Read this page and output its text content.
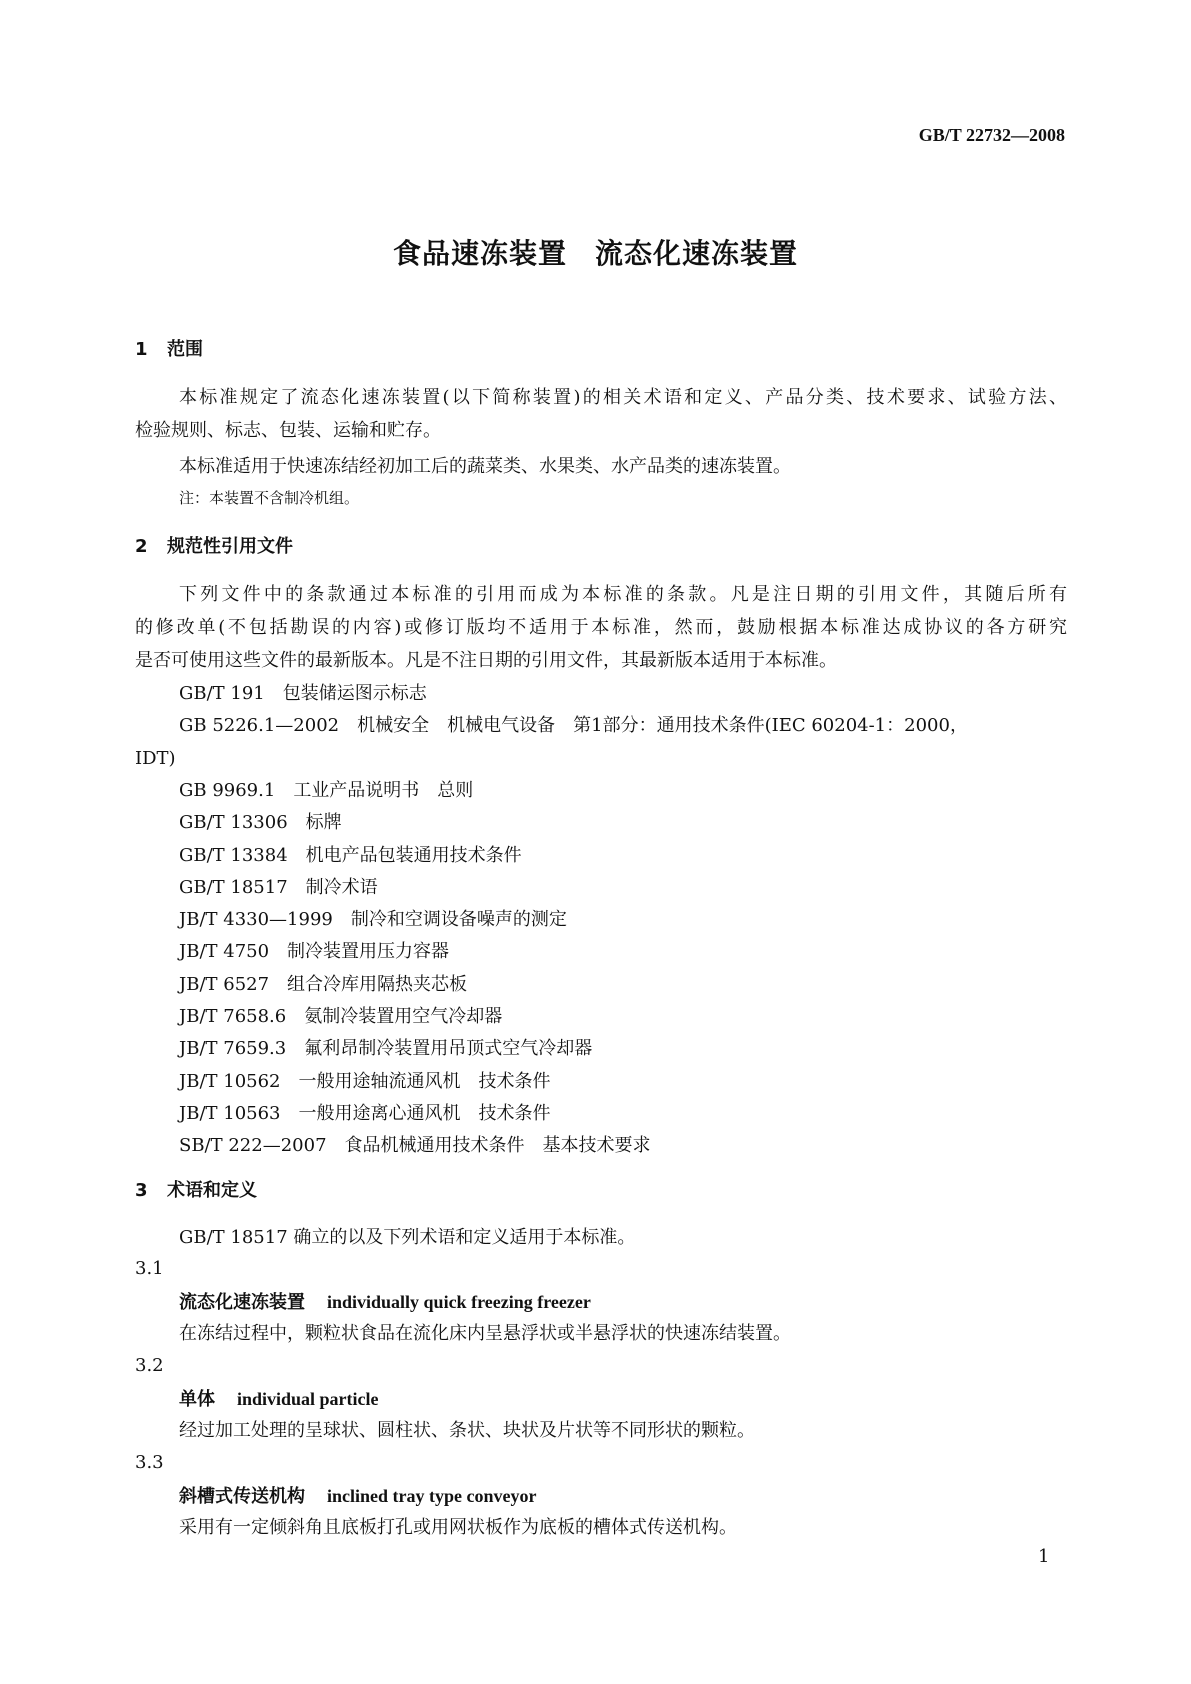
GB/T 22732—2008
食品速冻装置 流态化速冻装置
1 范围
本标准规定了流态化速冻装置(以下简称装置)的相关术语和定义、产品分类、技术要求、试验方法、
检验规则、标志、包装、运输和贮存。
本标准适用于快速冻结经初加工后的蔬菜类、水果类、水产品类的速冻装置。
注：本装置不含制冷机组。
2 规范性引用文件
下列文件中的条款通过本标准的引用而成为本标准的条款。凡是注日期的引用文件，其随后所有
的修改单(不包括勘误的内容)或修订版均不适用于本标准，然而，鼓励根据本标准达成协议的各方研究
是否可使用这些文件的最新版本。凡是不注日期的引用文件，其最新版本适用于本标准。
GB/T 191 包装储运图示标志
GB 5226.1—2002 机械安全　机械电气设备　第1部分：通用技术条件(IEC 60204-1：2000，
IDT)
GB 9969.1 工业产品说明书　总则
GB/T 13306 标牌
GB/T 13384 机电产品包装通用技术条件
GB/T 18517 制冷术语
JB/T 4330—1999 制冷和空调设备噪声的测定
JB/T 4750 制冷装置用压力容器
JB/T 6527 组合冷库用隔热夹芯板
JB/T 7658.6 氨制冷装置用空气冷却器
JB/T 7659.3 氟利昂制冷装置用吊顶式空气冷却器
JB/T 10562 一般用途轴流通风机　技术条件
JB/T 10563 一般用途离心通风机　技术条件
SB/T 222—2007 食品机械通用技术条件　基本技术要求
3 术语和定义
GB/T 18517 确立的以及下列术语和定义适用于本标准。
3.1
流态化速冻装置 individually quick freezing freezer
在冻结过程中，颗粒状食品在流化床内呈悬浮状或半悬浮状的快速冻结装置。
3.2
单体 individual particle
经过加工处理的呈球状、圆柱状、条状、块状及片状等不同形状的颗粒。
3.3
斜槽式传送机构 inclined tray type conveyor
采用有一定倾斜角且底板打孔或用网状板作为底板的槽体式传送机构。
1
